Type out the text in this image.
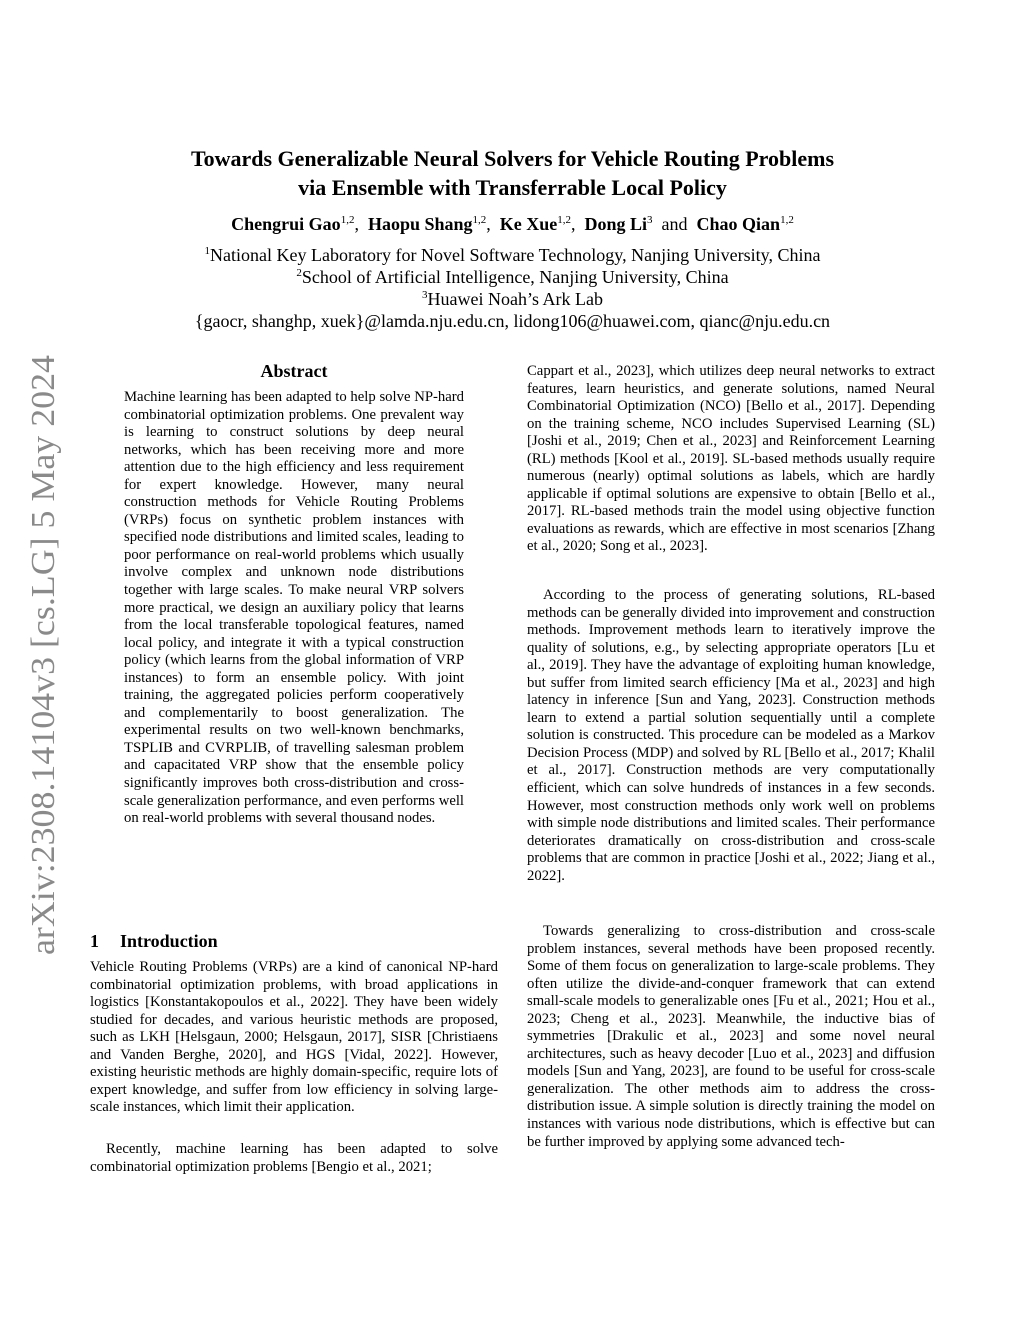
arXiv:2308.14104v3 [cs.LG] 5 May 2024
Towards Generalizable Neural Solvers for Vehicle Routing Problems
via Ensemble with Transferrable Local Policy
Chengrui Gao$^{1,2}$, Haopu Shang$^{1,2}$, Ke Xue$^{1,2}$, Dong Li$^3$ and Chao Qian$^{1,2}$
$^1$National Key Laboratory for Novel Software Technology, Nanjing University, China
$^2$School of Artificial Intelligence, Nanjing University, China
$^3$Huawei Noah’s Ark Lab
{gaocr, shanghp, xuek}@lamda.nju.edu.cn, lidong106@huawei.com, qianc@nju.edu.cn
Abstract

Machine learning has been adapted to help solve NP-hard combinatorial optimization problems. One prevalent way is learning to construct solutions by deep neural networks, which has been receiving more and more attention due to the high efficiency and less requirement for expert knowledge. However, many neural construction methods for Vehicle Routing Problems (VRPs) focus on synthetic problem instances with specified node distributions and limited scales, leading to poor performance on real-world problems which usually involve complex and unknown node distributions together with large scales. To make neural VRP solvers more practical, we design an auxiliary policy that learns from the local transferable topological features, named local policy, and integrate it with a typical construction policy (which learns from the global information of VRP instances) to form an ensemble policy. With joint training, the aggregated policies perform cooperatively and complementarily to boost generalization. The experimental results on two well-known benchmarks, TSPLIB and CVRPLIB, of travelling salesman problem and capacitated VRP show that the ensemble policy significantly improves both cross-distribution and cross-scale generalization performance, and even performs well on real-world problems with several thousand nodes.

1 Introduction

Vehicle Routing Problems (VRPs) are a kind of canonical NP-hard combinatorial optimization problems, with broad applications in logistics [Konstantakopoulos et al., 2022]. They have been widely studied for decades, and various heuristic methods are proposed, such as LKH [Helsgaun, 2000; Helsgaun, 2017], SISR [Christiaens and Vanden Berghe, 2020], and HGS [Vidal, 2022]. However, existing heuristic methods are highly domain-specific, require lots of expert knowledge, and suffer from low efficiency in solving large-scale instances, which limit their application.

Recently, machine learning has been adapted to solve combinatorial optimization problems [Bengio et al., 2021;

Cappart et al., 2023], which utilizes deep neural networks to extract features, learn heuristics, and generate solutions, named Neural Combinatorial Optimization (NCO) [Bello et al., 2017]. Depending on the training scheme, NCO includes Supervised Learning (SL) [Joshi et al., 2019; Chen et al., 2023] and Reinforcement Learning (RL) methods [Kool et al., 2019]. SL-based methods usually require numerous (nearly) optimal solutions as labels, which are hardly applicable if optimal solutions are expensive to obtain [Bello et al., 2017]. RL-based methods train the model using objective function evaluations as rewards, which are effective in most scenarios [Zhang et al., 2020; Song et al., 2023].

According to the process of generating solutions, RL-based methods can be generally divided into improvement and construction methods. Improvement methods learn to iteratively improve the quality of solutions, e.g., by selecting appropriate operators [Lu et al., 2019]. They have the advantage of exploiting human knowledge, but suffer from limited search efficiency [Ma et al., 2023] and high latency in inference [Sun and Yang, 2023]. Construction methods learn to extend a partial solution sequentially until a complete solution is constructed. This procedure can be modeled as a Markov Decision Process (MDP) and solved by RL [Bello et al., 2017; Khalil et al., 2017]. Construction methods are very computationally efficient, which can solve hundreds of instances in a few seconds. However, most construction methods only work well on problems with simple node distributions and limited scales. Their performance deteriorates dramatically on cross-distribution and cross-scale problems that are common in practice [Joshi et al., 2022; Jiang et al., 2022].

Towards generalizing to cross-distribution and cross-scale problem instances, several methods have been proposed recently. Some of them focus on generalization to large-scale problems. They often utilize the divide-and-conquer framework that can extend small-scale models to generalizable ones [Fu et al., 2021; Hou et al., 2023; Cheng et al., 2023]. Meanwhile, the inductive bias of symmetries [Drakulic et al., 2023] and some novel neural architectures, such as heavy decoder [Luo et al., 2023] and diffusion models [Sun and Yang, 2023], are found to be useful for cross-scale generalization. The other methods aim to address the cross-distribution issue. A simple solution is directly training the model on instances with various node distributions, which is effective but can be further improved by applying some advanced tech-
